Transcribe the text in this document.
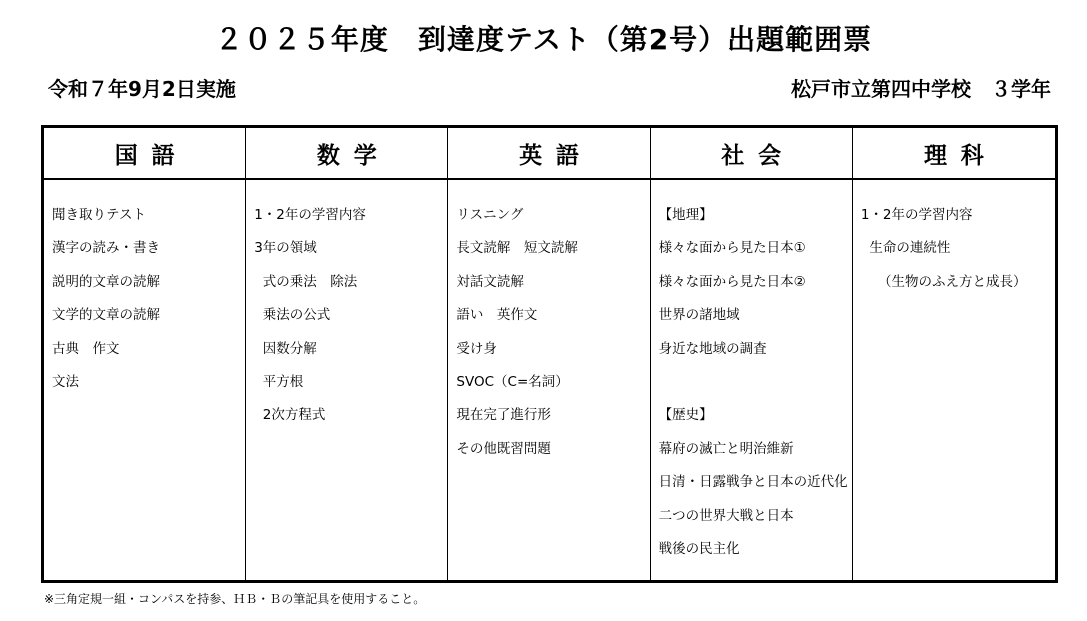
２０２５年度　到達度テスト（第2号）出題範囲票
令和７年9月2日実施	松戸市立第四中学校　３学年
国語
聞き取りテスト
漢字の読み・書き
説明的文章の読解
文学的文章の読解
古典　作文
文法
数学
1・2年の学習内容
3年の領域
式の乗法　除法
乗法の公式
因数分解
平方根
2次方程式
英語
リスニング
長文読解　短文読解
対話文読解
語い　英作文
受け身
SVOC（C=名詞）
現在完了進行形
その他既習問題
社会
【地理】
様々な面から見た日本①
様々な面から見た日本②
世界の諸地域
身近な地域の調査
【歴史】
幕府の滅亡と明治維新
日清・日露戦争と日本の近代化
二つの世界大戦と日本
戦後の民主化
理科
1・2年の学習内容
生命の連続性
（生物のふえ方と成長）
※三角定規一組・コンパスを持参、ＨＢ・Ｂの筆記具を使用すること。
